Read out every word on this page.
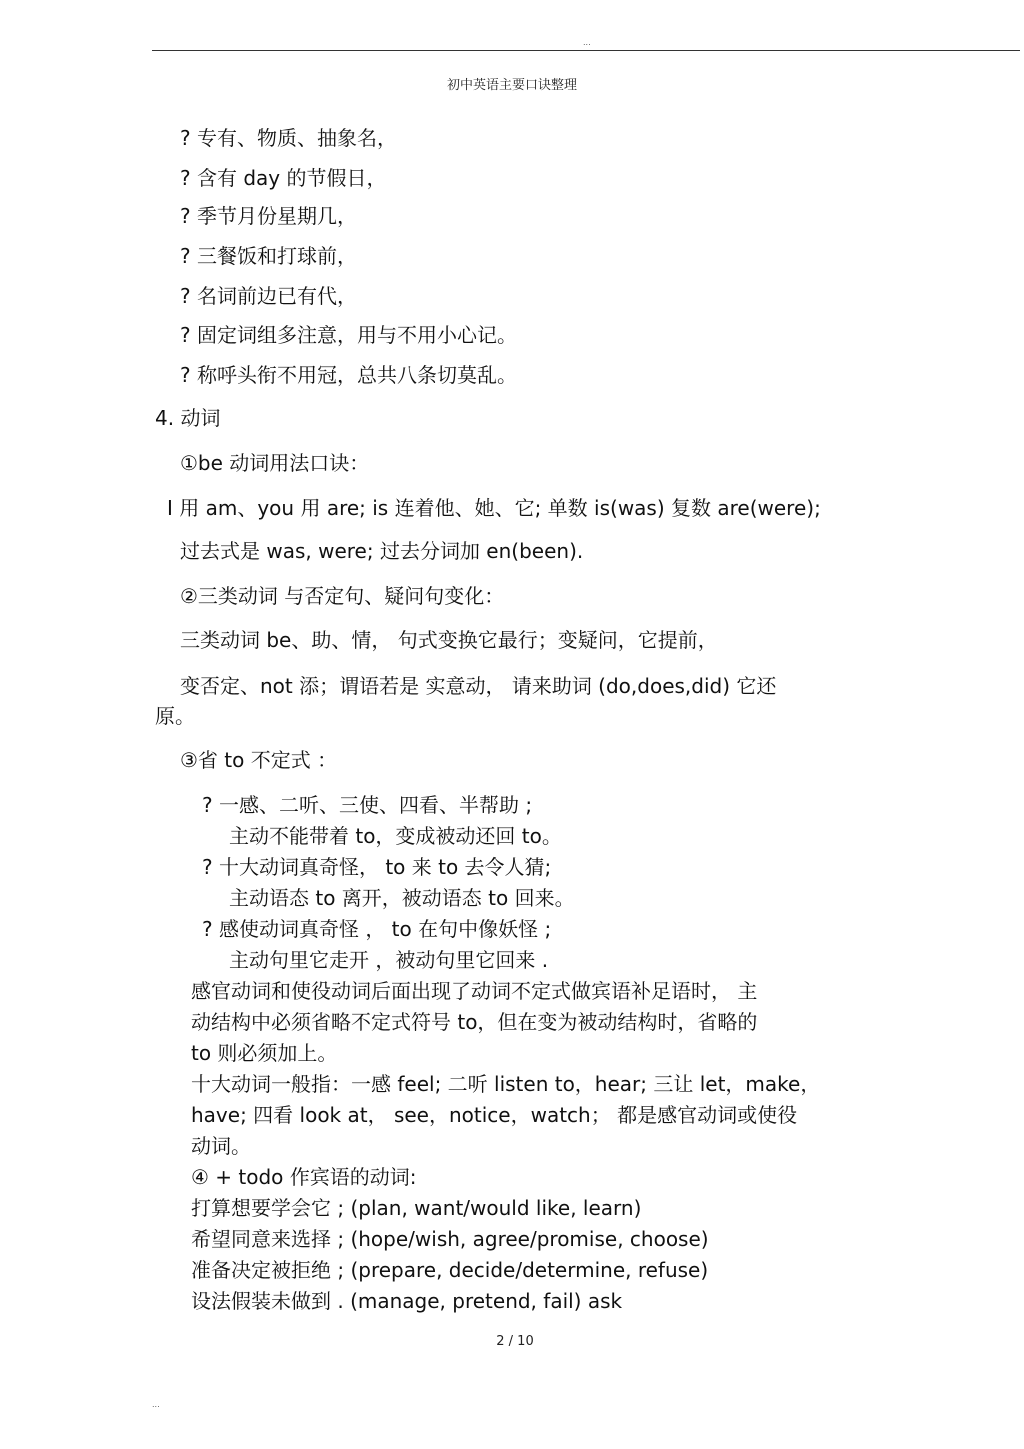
...
初中英语主要口诀整理
? 专有、物质、抽象名，
? 含有 day 的节假日，
? 季节月份星期几，
? 三餐饭和打球前，
? 名词前边已有代，
? 固定词组多注意，用与不用小心记。
? 称呼头衔不用冠，总共八条切莫乱。
4. 动词
①be 动词用法口诀：
I 用 am、you 用 are; is 连着他、她、它; 单数 is(was) 复数 are(were);
过去式是 was, were; 过去分词加 en(been).
②三类动词 与否定句、疑问句变化：
三类动词 be、助、情， 句式变换它最行；变疑问，它提前，
变否定、not 添；谓语若是 实意动， 请来助词 (do,does,did) 它还
原。
③省 to 不定式 ：
? 一感、二听、三使、四看、半帮助 ;
主动不能带着 to，变成被动还回 to。
? 十大动词真奇怪， to 来 to 去令人猜;
主动语态 to 离开，被动语态 to 回来。
? 感使动词真奇怪 ， to 在句中像妖怪 ;
主动句里它走开 ，被动句里它回来 .
感官动词和使役动词后面出现了动词不定式做宾语补足语时， 主
动结构中必须省略不定式符号 to，但在变为被动结构时，省略的
to 则必须加上。
十大动词一般指：一感 feel; 二听 listen to，hear; 三让 let，make，
have; 四看 look at， see，notice，watch； 都是感官动词或使役
动词。
④ + todo 作宾语的动词:
打算想要学会它 ; (plan, want/would like, learn)
希望同意来选择 ; (hope/wish, agree/promise, choose)
准备决定被拒绝 ; (prepare, decide/determine, refuse)
设法假装未做到 . (manage, pretend, fail) ask
2 / 10
...
